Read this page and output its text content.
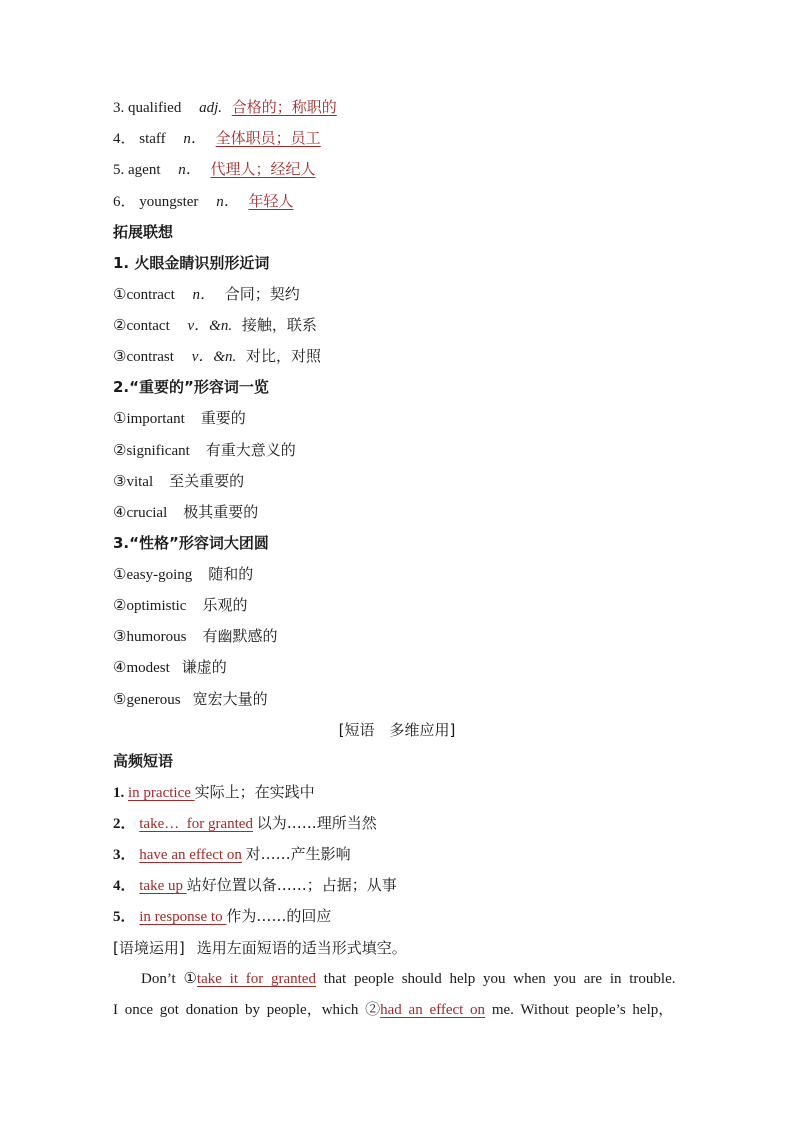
3. qualified adj. 合格的；称职的
4． staff n． 全体职员；员工
5. agent n． 代理人；经纪人
6． youngster n． 年轻人
拓展联想
1. 火眼金睛识别形近词
①contract n． 合同；契约
②contact v．&n. 接触，联系
③contrast v．&n. 对比，对照
2.“重要的”形容词一览
①important 重要的
②significant 有重大意义的
③vital 至关重要的
④crucial 极其重要的
3.“性格”形容词大团圆
①easy-going 随和的
②optimistic 乐观的
③humorous 有幽默感的
④modest 谦虚的
⑤generous 宽宏大量的
[短语　多维应用]
高频短语
1. in practice 实际上；在实践中
2． take…  for granted 以为……理所当然
3． have an effect on 对……产生影响
4． take up 站好位置以备……；占据；从事
5． in response to 作为……的回应
[语境运用] 选用左面短语的适当形式填空。
Don’t ①take it for granted that people should help you when you are in trouble.
I once got donation by people，which ②had an effect on me. Without people’s help，
